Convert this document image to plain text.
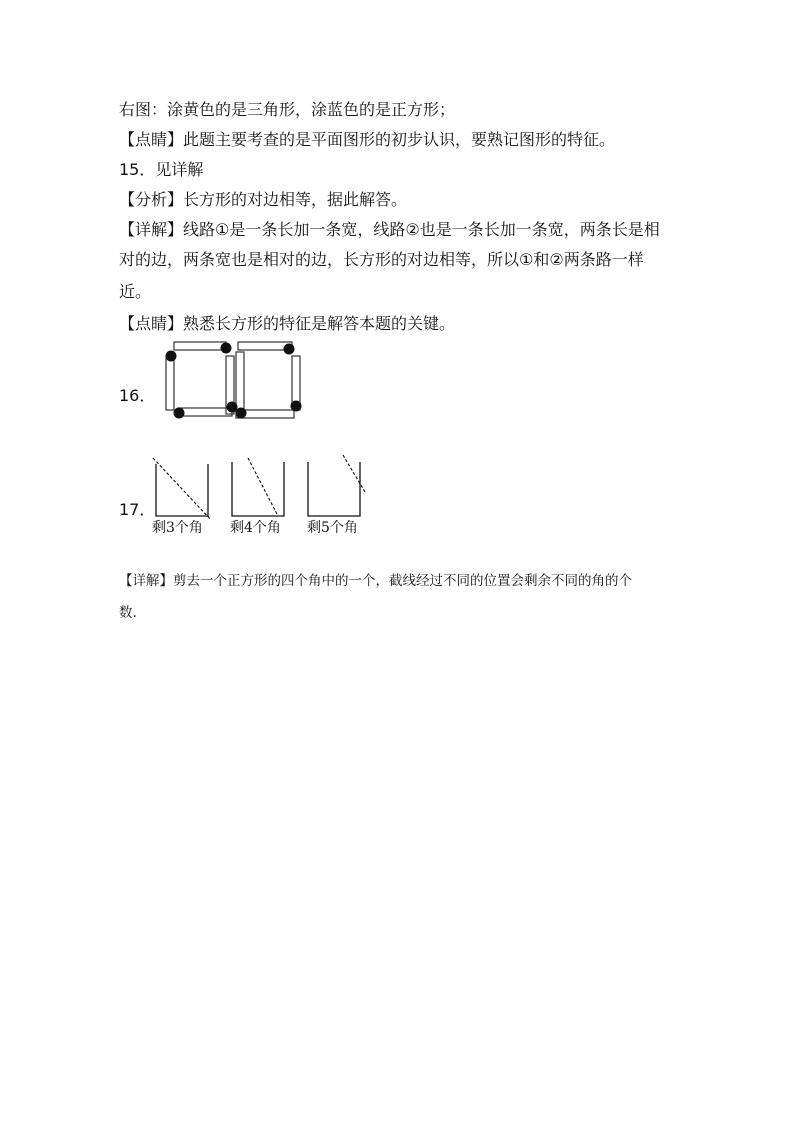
右图：涂黄色的是三角形，涂蓝色的是正方形；
【点睛】此题主要考查的是平面图形的初步认识，要熟记图形的特征。
15．见详解
【分析】长方形的对边相等，据此解答。
【详解】线路①是一条长加一条宽，线路②也是一条长加一条宽，两条长是相
对的边，两条宽也是相对的边，长方形的对边相等，所以①和②两条路一样
近。
【点睛】熟悉长方形的特征是解答本题的关键。
16．
17．
剩3个角 剩4个角 剩5个角
【详解】剪去一个正方形的四个角中的一个，截线经过不同的位置会剩余不同的角的个
数.
